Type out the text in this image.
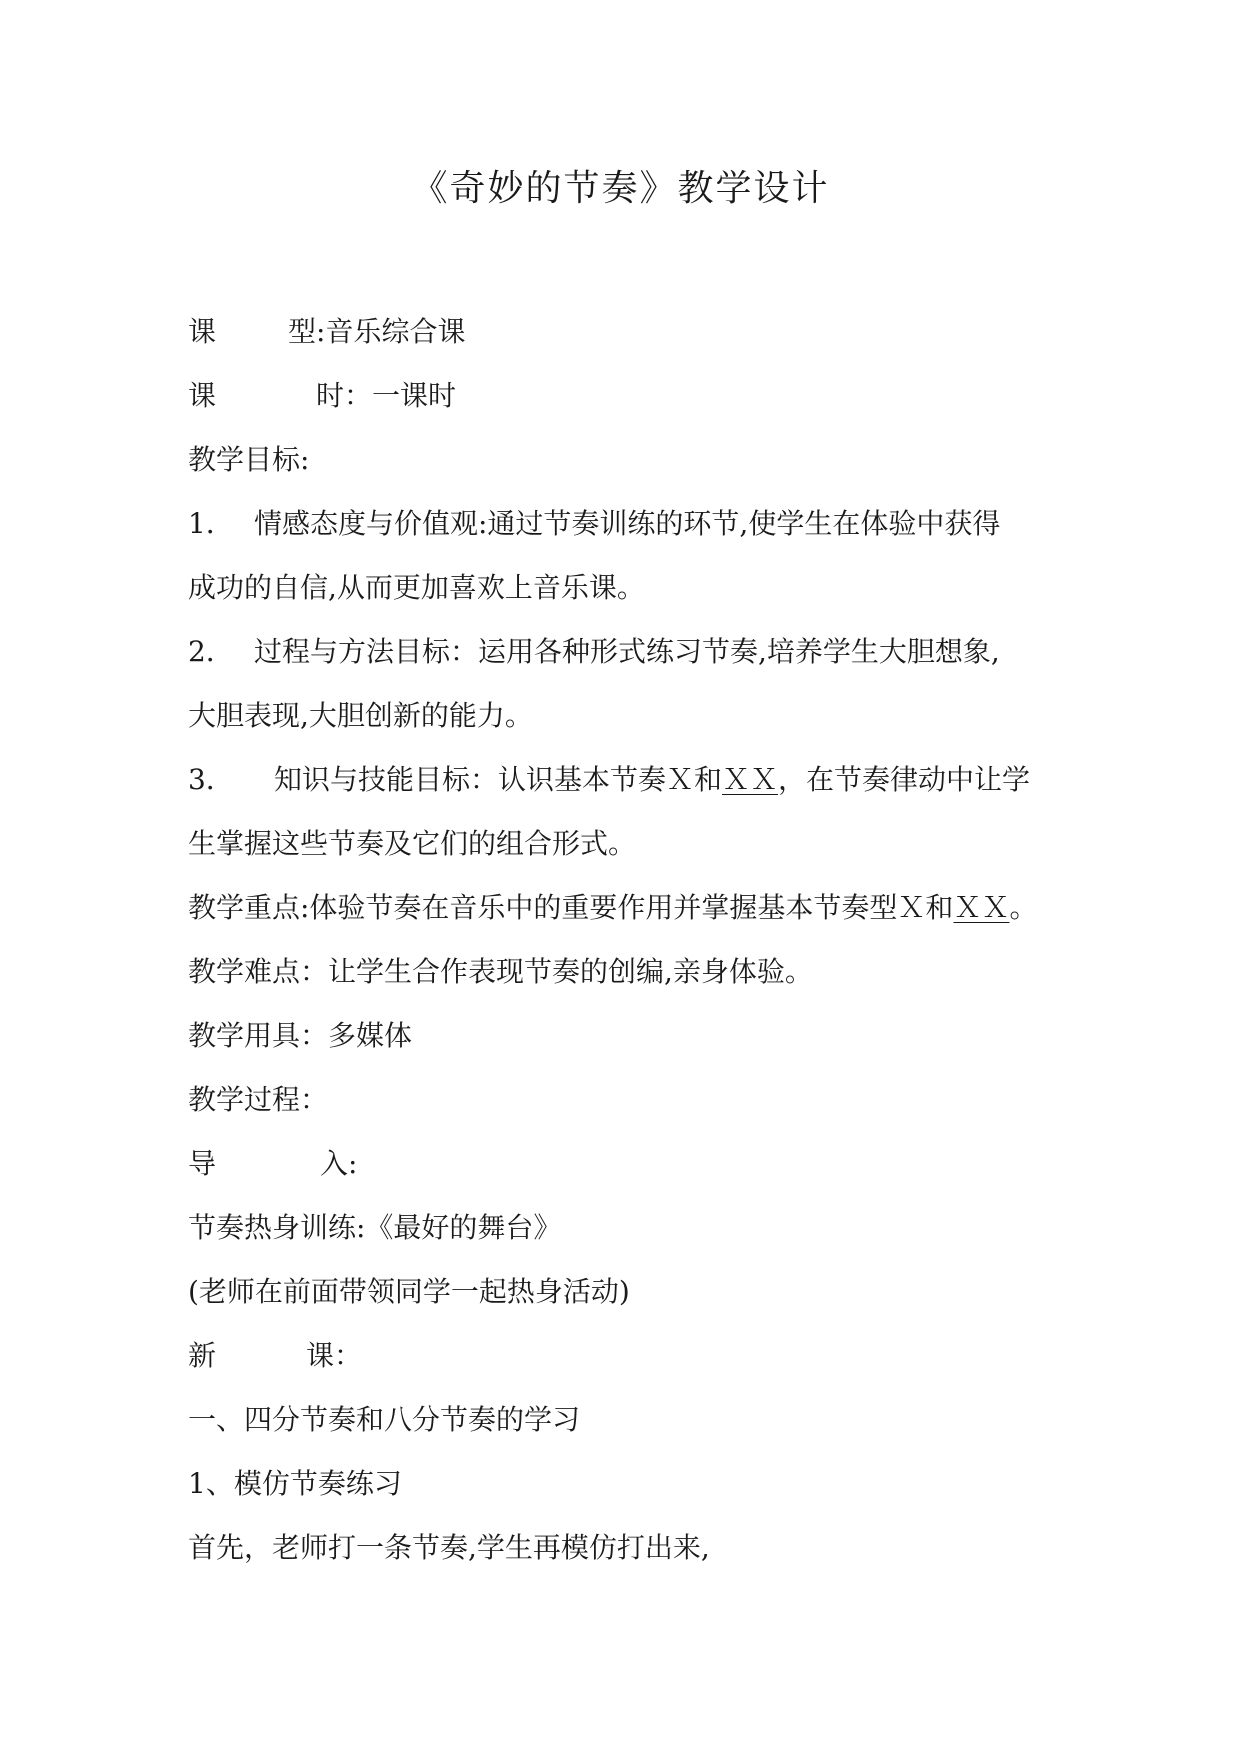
《奇妙的节奏》教学设计
课	型:音乐综合课
课	时：一课时
教学目标:
1． 情感态度与价值观:通过节奏训练的环节,使学生在体验中获得
成功的自信,从而更加喜欢上音乐课。
2． 过程与方法目标：运用各种形式练习节奏,培养学生大胆想象,
大胆表现,大胆创新的能力。
3． 知识与技能目标：认识基本节奏Ｘ和ＸＸ，在节奏律动中让学
生掌握这些节奏及它们的组合形式。
教学重点:体验节奏在音乐中的重要作用并掌握基本节奏型Ｘ和ＸＸ。
教学难点：让学生合作表现节奏的创编,亲身体验。
教学用具：多媒体
教学过程：
导	入:
节奏热身训练:《最好的舞台》
(老师在前面带领同学一起热身活动)
新	课：
一、四分节奏和八分节奏的学习
1、模仿节奏练习
首先，老师打一条节奏,学生再模仿打出来,
